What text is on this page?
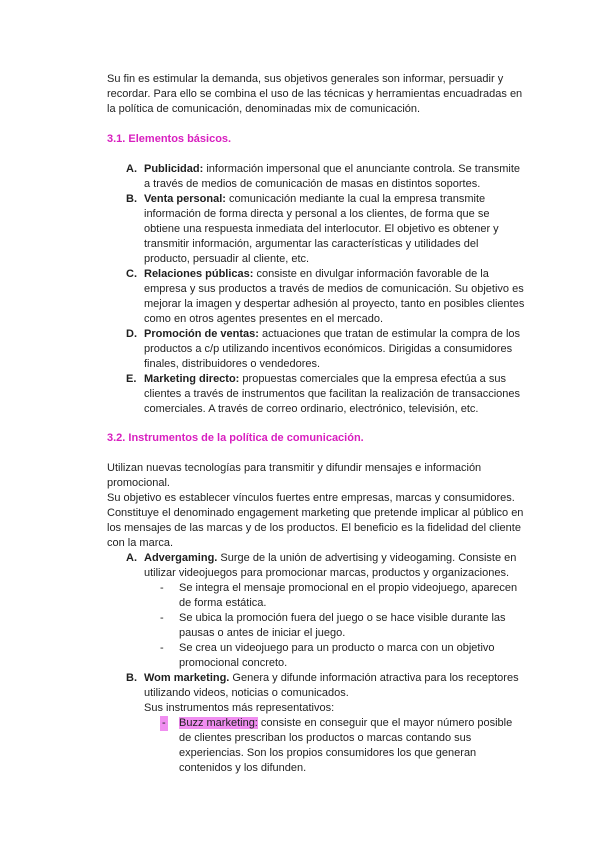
Su fin es estimular la demanda, sus objetivos generales son informar, persuadir y recordar. Para ello se combina el uso de las técnicas y herramientas encuadradas en la política de comunicación, denominadas mix de comunicación.

3.1. Elementos básicos.
A. Publicidad: información impersonal que el anunciante controla. Se transmite a través de medios de comunicación de masas en distintos soportes.
B. Venta personal: comunicación mediante la cual la empresa transmite información de forma directa y personal a los clientes, de forma que se obtiene una respuesta inmediata del interlocutor. El objetivo es obtener y transmitir información, argumentar las características y utilidades del producto, persuadir al cliente, etc.
C. Relaciones públicas: consiste en divulgar información favorable de la empresa y sus productos a través de medios de comunicación. Su objetivo es mejorar la imagen y despertar adhesión al proyecto, tanto en posibles clientes como en otros agentes presentes en el mercado.
D. Promoción de ventas: actuaciones que tratan de estimular la compra de los productos a c/p utilizando incentivos económicos. Dirigidas a consumidores finales, distribuidores o vendedores.
E. Marketing directo: propuestas comerciales que la empresa efectúa a sus clientes a través de instrumentos que facilitan la realización de transacciones comerciales. A través de correo ordinario, electrónico, televisión, etc.
3.2. Instrumentos de la política de comunicación.

Utilizan nuevas tecnologías para transmitir y difundir mensajes e información promocional.

Su objetivo es establecer vínculos fuertes entre empresas, marcas y consumidores. Constituye el denominado engagement marketing que pretende implicar al público en los mensajes de las marcas y de los productos. El beneficio es la fidelidad del cliente con la marca.

A. Advergaming. Surge de la unión de advertising y videogaming. Consiste en utilizar videojuegos para promocionar marcas, productos y organizaciones.
- Se integra el mensaje promocional en el propio videojuego, aparecen de forma estática.
- Se ubica la promoción fuera del juego o se hace visible durante las pausas o antes de iniciar el juego.
- Se crea un videojuego para un producto o marca con un objetivo promocional concreto.
B. Wom marketing. Genera y difunde información atractiva para los receptores utilizando videos, noticias o comunicados.

Sus instrumentos más representativos:

- Buzz marketing: consiste en conseguir que el mayor número posible de clientes prescriban los productos o marcas contando sus experiencias. Son los propios consumidores los que generan contenidos y los difunden.
